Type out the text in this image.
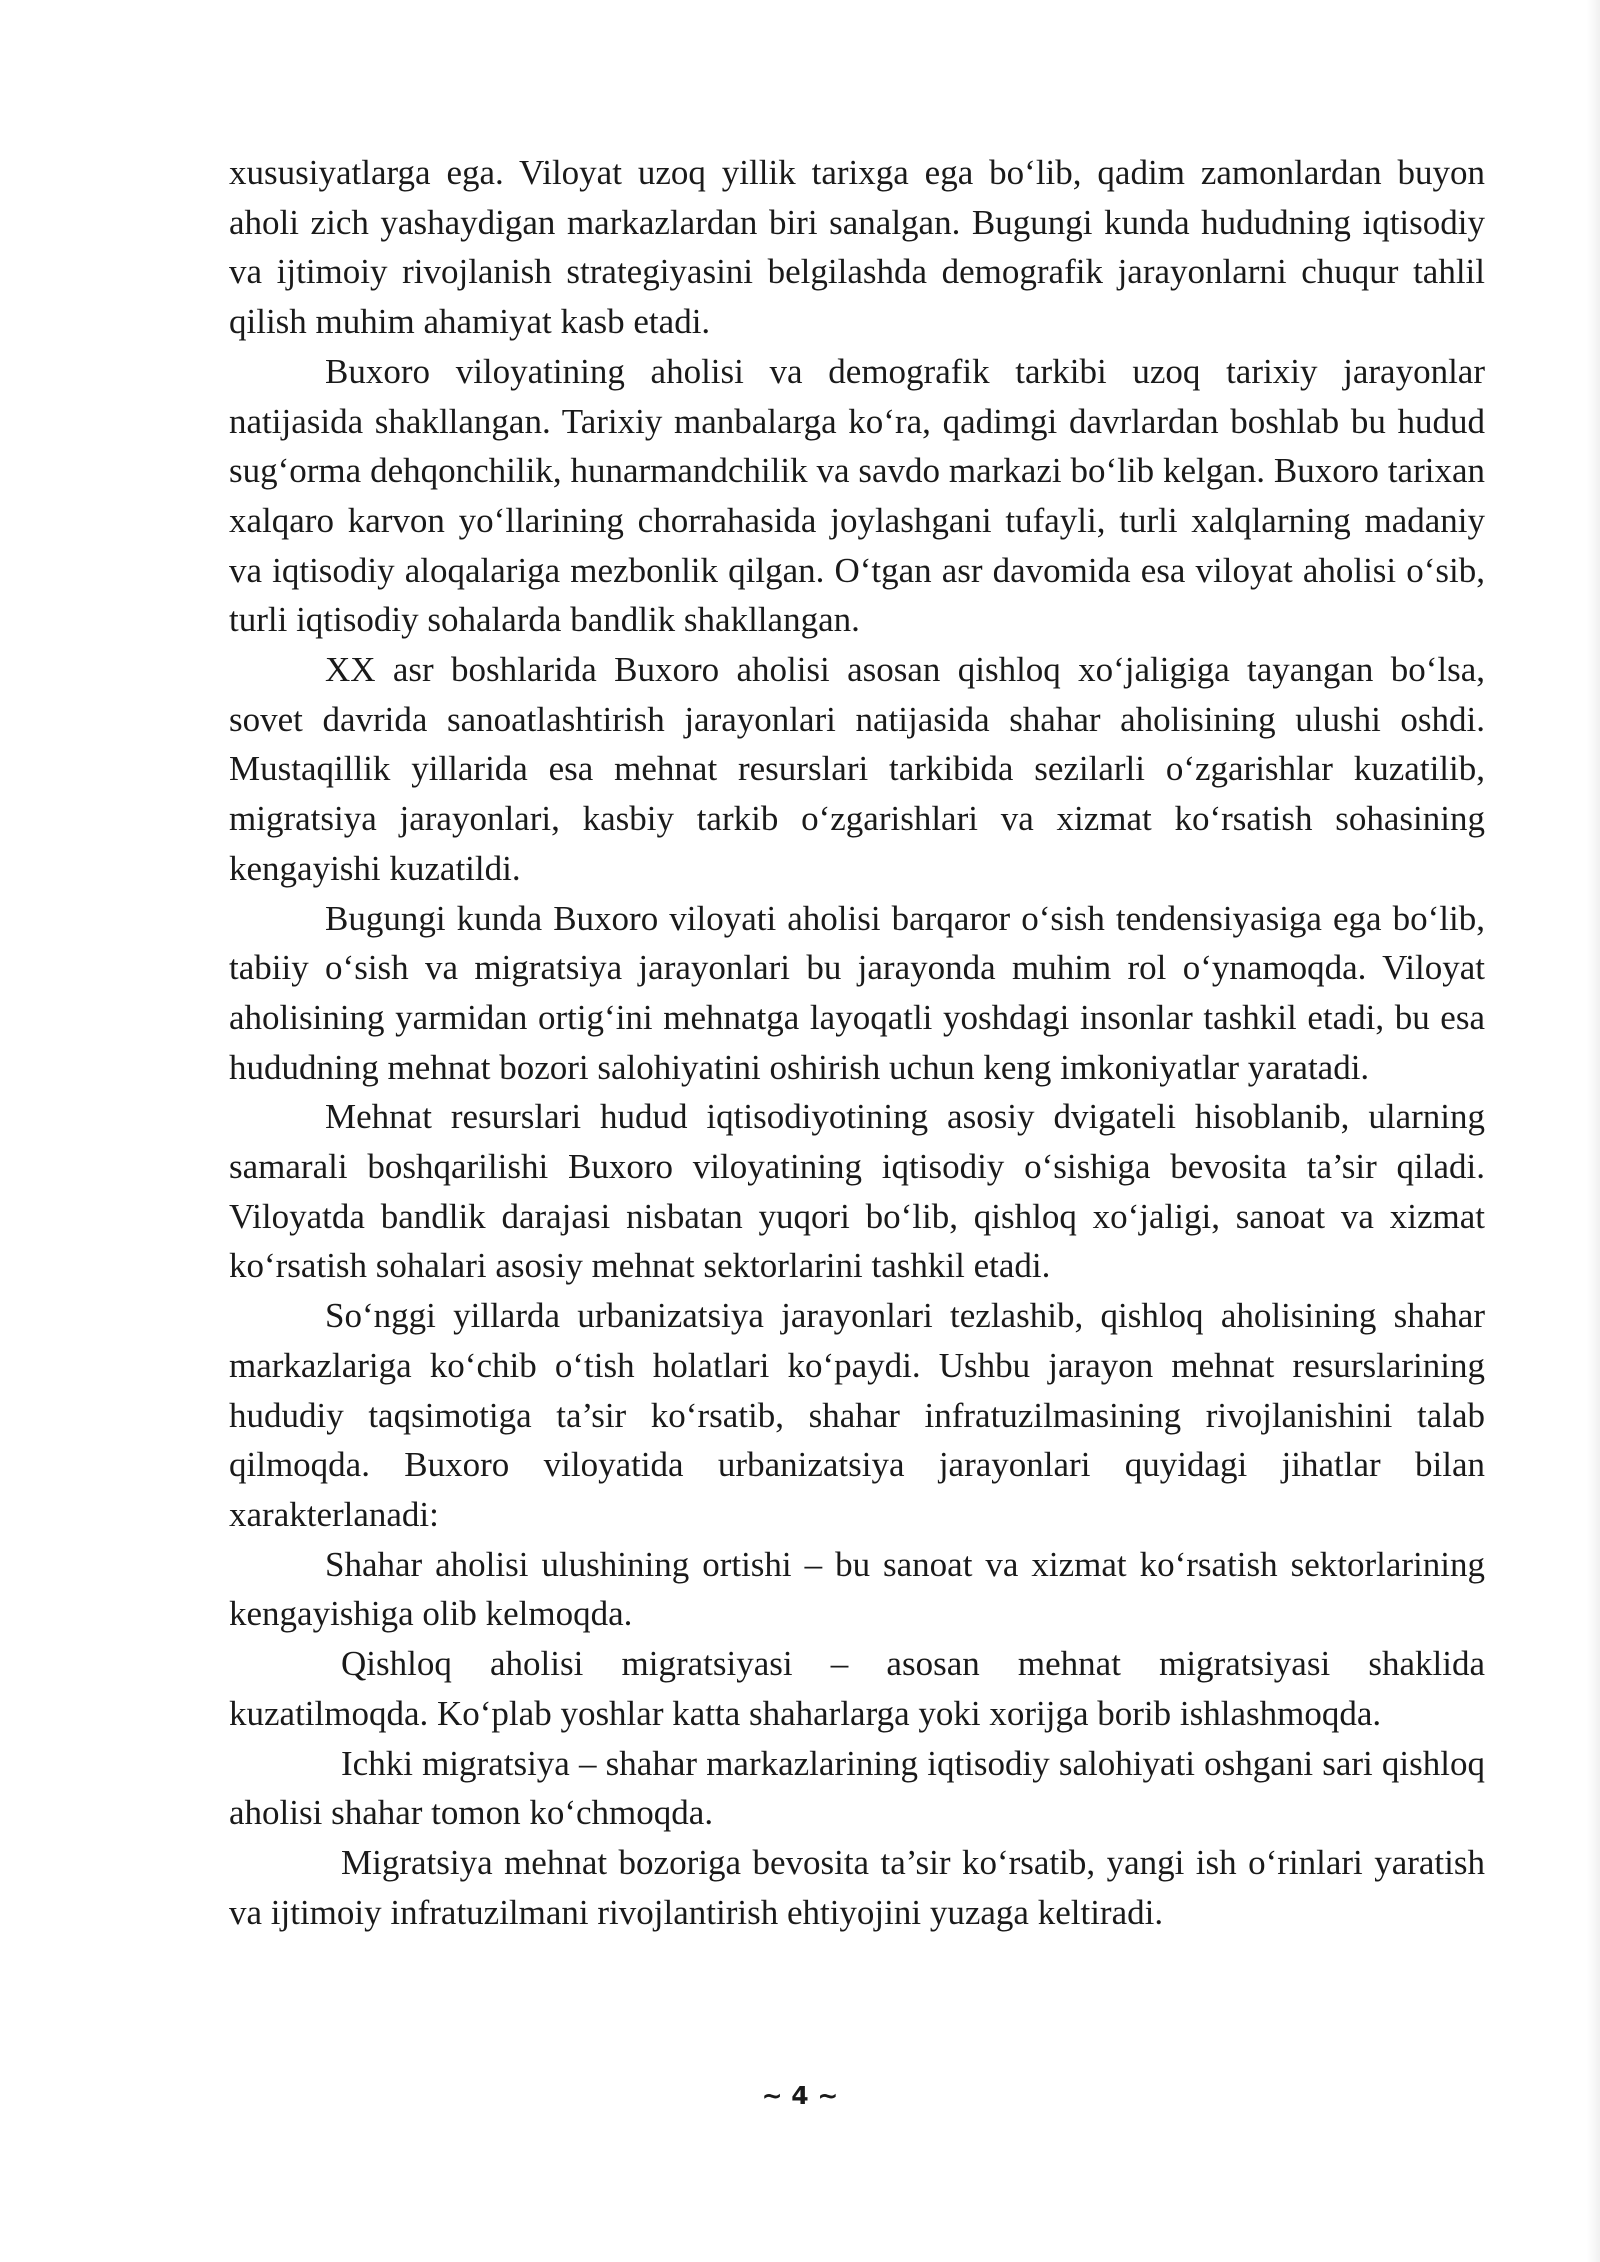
xususiyatlarga ega. Viloyat uzoq yillik tarixga ega bo‘lib, qadim zamonlardan buyon aholi zich yashaydigan markazlardan biri sanalgan. Bugungi kunda hududning iqtisodiy va ijtimoiy rivojlanish strategiyasini belgilashda demografik jarayonlarni chuqur tahlil qilish muhim ahamiyat kasb etadi.

Buxoro viloyatining aholisi va demografik tarkibi uzoq tarixiy jarayonlar natijasida shakllangan. Tarixiy manbalarga ko‘ra, qadimgi davrlardan boshlab bu hudud sug‘orma dehqonchilik, hunarmandchilik va savdo markazi bo‘lib kelgan. Buxoro tarixan xalqaro karvon yo‘llarining chorrahasida joylashgani tufayli, turli xalqlarning madaniy va iqtisodiy aloqalariga mezbonlik qilgan. O‘tgan asr davomida esa viloyat aholisi o‘sib, turli iqtisodiy sohalarda bandlik shakllangan.

XX asr boshlarida Buxoro aholisi asosan qishloq xo‘jaligiga tayangan bo‘lsa, sovet davrida sanoatlashtirish jarayonlari natijasida shahar aholisining ulushi oshdi. Mustaqillik yillarida esa mehnat resurslari tarkibida sezilarli o‘zgarishlar kuzatilib, migratsiya jarayonlari, kasbiy tarkib o‘zgarishlari va xizmat ko‘rsatish sohasining kengayishi kuzatildi.

Bugungi kunda Buxoro viloyati aholisi barqaror o‘sish tendensiyasiga ega bo‘lib, tabiiy o‘sish va migratsiya jarayonlari bu jarayonda muhim rol o‘ynamoqda. Viloyat aholisining yarmidan ortig‘ini mehnatga layoqatli yoshdagi insonlar tashkil etadi, bu esa hududning mehnat bozori salohiyatini oshirish uchun keng imkoniyatlar yaratadi.

Mehnat resurslari hudud iqtisodiyotining asosiy dvigateli hisoblanib, ularning samarali boshqarilishi Buxoro viloyatining iqtisodiy o‘sishiga bevosita ta’sir qiladi. Viloyatda bandlik darajasi nisbatan yuqori bo‘lib, qishloq xo‘jaligi, sanoat va xizmat ko‘rsatish sohalari asosiy mehnat sektorlarini tashkil etadi.

So‘nggi yillarda urbanizatsiya jarayonlari tezlashib, qishloq aholisining shahar markazlariga ko‘chib o‘tish holatlari ko‘paydi. Ushbu jarayon mehnat resurslarining hududiy taqsimotiga ta’sir ko‘rsatib, shahar infratuzilmasining rivojlanishini talab qilmoqda. Buxoro viloyatida urbanizatsiya jarayonlari quyidagi jihatlar bilan xarakterlanadi:

Shahar aholisi ulushining ortishi – bu sanoat va xizmat ko‘rsatish sektorlarining kengayishiga olib kelmoqda.

Qishloq aholisi migratsiyasi – asosan mehnat migratsiyasi shaklida kuzatilmoqda. Ko‘plab yoshlar katta shaharlarga yoki xorijga borib ishlashmoqda.

Ichki migratsiya – shahar markazlarining iqtisodiy salohiyati oshgani sari qishloq aholisi shahar tomon ko‘chmoqda.

Migratsiya mehnat bozoriga bevosita ta’sir ko‘rsatib, yangi ish o‘rinlari yaratish va ijtimoiy infratuzilmani rivojlantirish ehtiyojini yuzaga keltiradi.

~ 4 ~
